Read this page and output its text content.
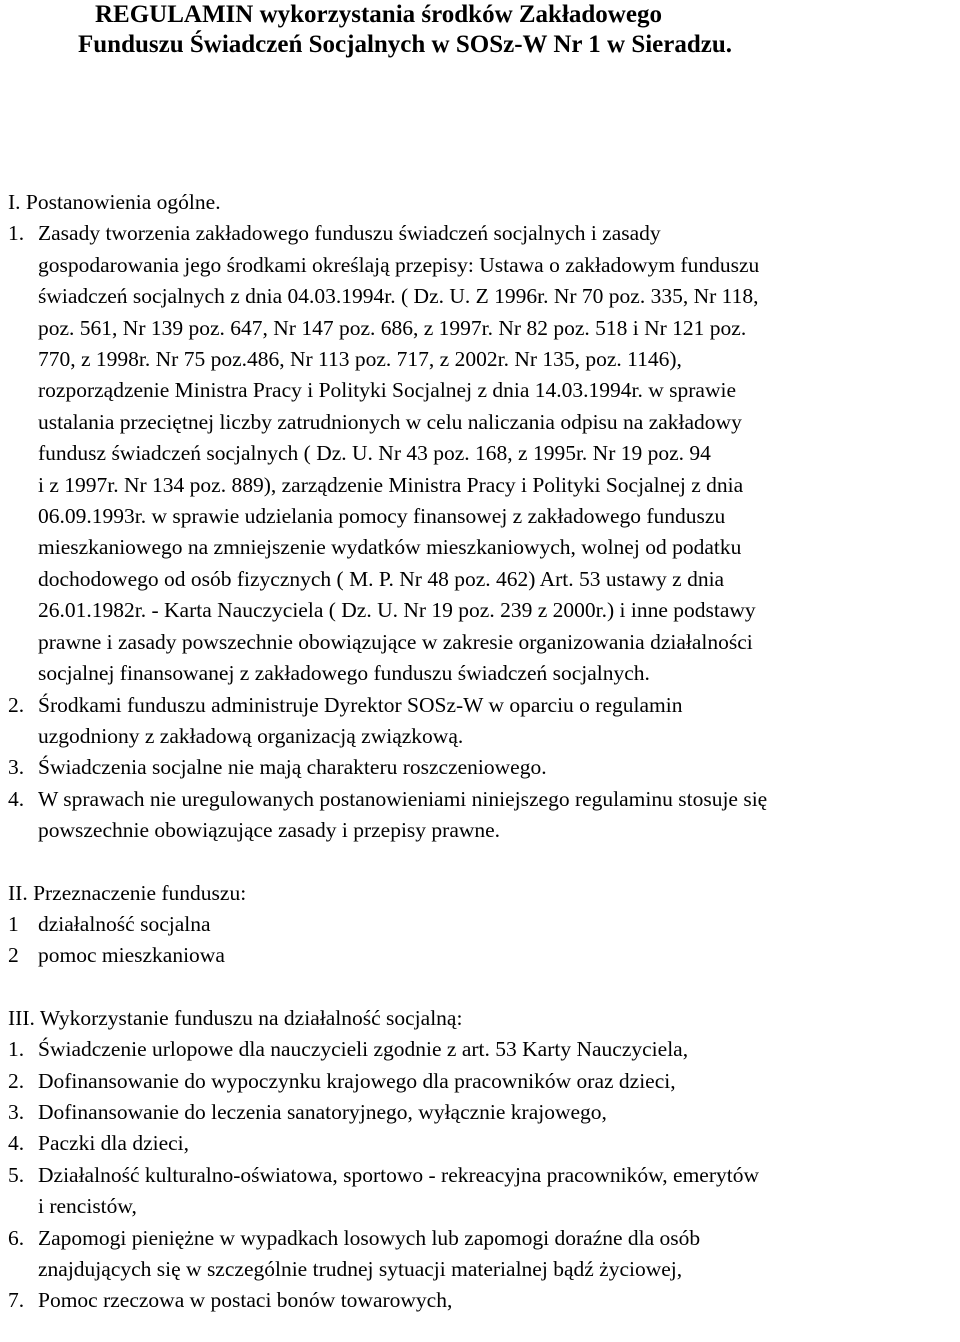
REGULAMIN wykorzystania środków Zakładowego
Funduszu Świadczeń Socjalnych w SOSz-W Nr 1 w Sieradzu.
I. Postanowienia ogólne.
1. Zasady tworzenia zakładowego funduszu świadczeń socjalnych i zasady
gospodarowania jego środkami określają przepisy: Ustawa o zakładowym funduszu
świadczeń socjalnych z dnia 04.03.1994r. ( Dz. U. Z 1996r. Nr 70 poz. 335, Nr 118,
poz. 561, Nr 139 poz. 647, Nr 147 poz. 686, z 1997r. Nr 82 poz. 518 i Nr 121 poz.
770, z 1998r. Nr 75 poz.486, Nr 113 poz. 717, z 2002r. Nr 135, poz. 1146),
rozporządzenie Ministra Pracy i Polityki Socjalnej z dnia 14.03.1994r. w sprawie
ustalania przeciętnej liczby zatrudnionych w celu naliczania odpisu na zakładowy
fundusz świadczeń socjalnych ( Dz. U. Nr 43 poz. 168, z 1995r. Nr 19 poz. 94
i z 1997r. Nr 134 poz. 889), zarządzenie Ministra Pracy i Polityki Socjalnej z dnia
06.09.1993r. w sprawie udzielania pomocy finansowej z zakładowego funduszu
mieszkaniowego na zmniejszenie wydatków mieszkaniowych, wolnej od podatku
dochodowego od osób fizycznych ( M. P. Nr 48 poz. 462) Art. 53 ustawy z dnia
26.01.1982r. - Karta Nauczyciela ( Dz. U. Nr 19 poz. 239 z 2000r.) i inne podstawy
prawne i zasady powszechnie obowiązujące w zakresie organizowania działalności
socjalnej finansowanej z zakładowego funduszu świadczeń socjalnych.
2. Środkami funduszu administruje Dyrektor SOSz-W w oparciu o regulamin
uzgodniony z zakładową organizacją związkową.
3. Świadczenia socjalne nie mają charakteru roszczeniowego.
4. W sprawach nie uregulowanych postanowieniami niniejszego regulaminu stosuje się
powszechnie obowiązujące zasady i przepisy prawne.
II. Przeznaczenie funduszu:
1 działalność socjalna
2 pomoc mieszkaniowa
III. Wykorzystanie funduszu na działalność socjalną:
1. Świadczenie urlopowe dla nauczycieli zgodnie z art. 53 Karty Nauczyciela,
2. Dofinansowanie do wypoczynku krajowego dla pracowników oraz dzieci,
3. Dofinansowanie do leczenia sanatoryjnego, wyłącznie krajowego,
4. Paczki dla dzieci,
5. Działalność kulturalno-oświatowa, sportowo - rekreacyjna pracowników, emerytów
i rencistów,
6. Zapomogi pieniężne w wypadkach losowych lub zapomogi doraźne dla osób
znajdujących się w szczególnie trudnej sytuacji materialnej bądź życiowej,
7. Pomoc rzeczowa w postaci bonów towarowych,
